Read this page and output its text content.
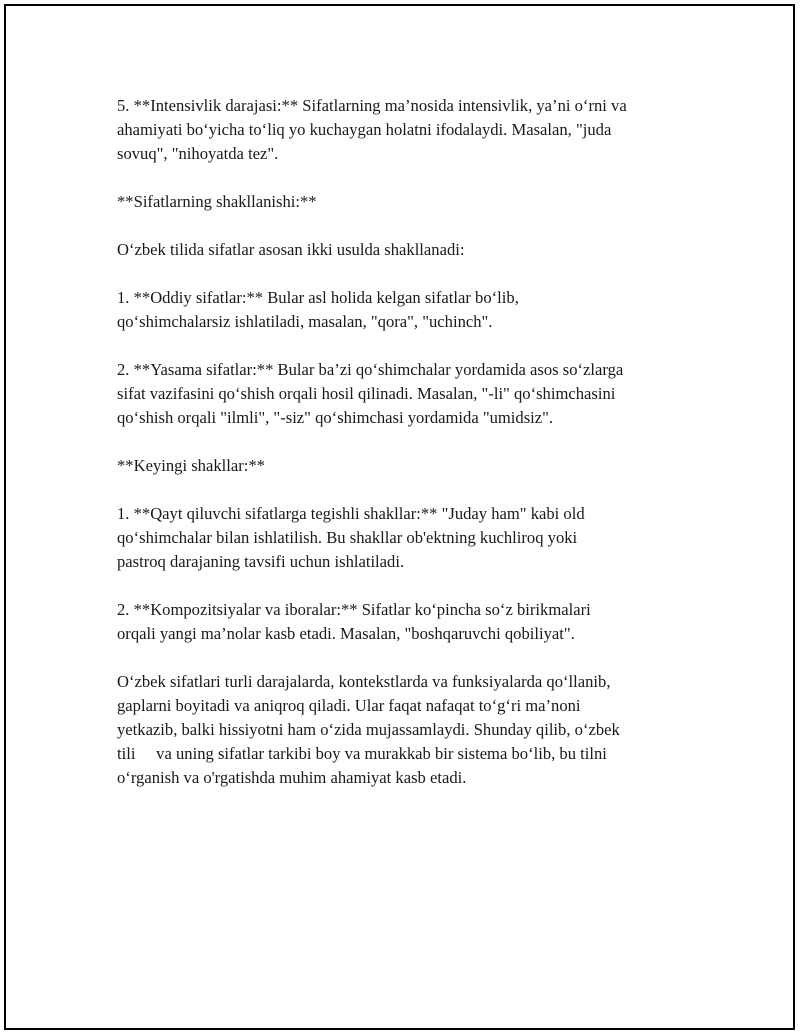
5. **Intensivlik darajasi:** Sifatlarning ma’nosida intensivlik, ya’ni o‘rni va
ahamiyati bo‘yicha to‘liq yo kuchaygan holatni ifodalaydi. Masalan, "juda
sovuq", "nihoyatda tez".
**Sifatlarning shakllanishi:**
O‘zbek tilida sifatlar asosan ikki usulda shakllanadi:
1. **Oddiy sifatlar:** Bular asl holida kelgan sifatlar bo‘lib,
qo‘shimchalarsiz ishlatiladi, masalan, "qora", "uchinch".
2. **Yasama sifatlar:** Bular ba’zi qo‘shimchalar yordamida asos so‘zlarga
sifat vazifasini qo‘shish orqali hosil qilinadi. Masalan, "-li" qo‘shimchasini
qo‘shish orqali "ilmli", "-siz" qo‘shimchasi yordamida "umidsiz".
**Keyingi shakllar:**
1. **Qayt qiluvchi sifatlarga tegishli shakllar:** "Juday ham" kabi old
qo‘shimchalar bilan ishlatilish. Bu shakllar ob'ektning kuchliroq yoki
pastroq darajaning tavsifi uchun ishlatiladi.
2. **Kompozitsiyalar va iboralar:** Sifatlar ko‘pincha so‘z birikmalari
orqali yangi ma’nolar kasb etadi. Masalan, "boshqaruvchi qobiliyat".
O‘zbek sifatlari turli darajalarda, kontekstlarda va funksiyalarda qo‘llanib,
gaplarni boyitadi va aniqroq qiladi. Ular faqat nafaqat to‘g‘ri ma’noni
yetkazib, balki hissiyotni ham o‘zida mujassamlaydi. Shunday qilib, o‘zbek
tili     va uning sifatlar tarkibi boy va murakkab bir sistema bo‘lib, bu tilni
o‘rganish va o'rgatishda muhim ahamiyat kasb etadi.
